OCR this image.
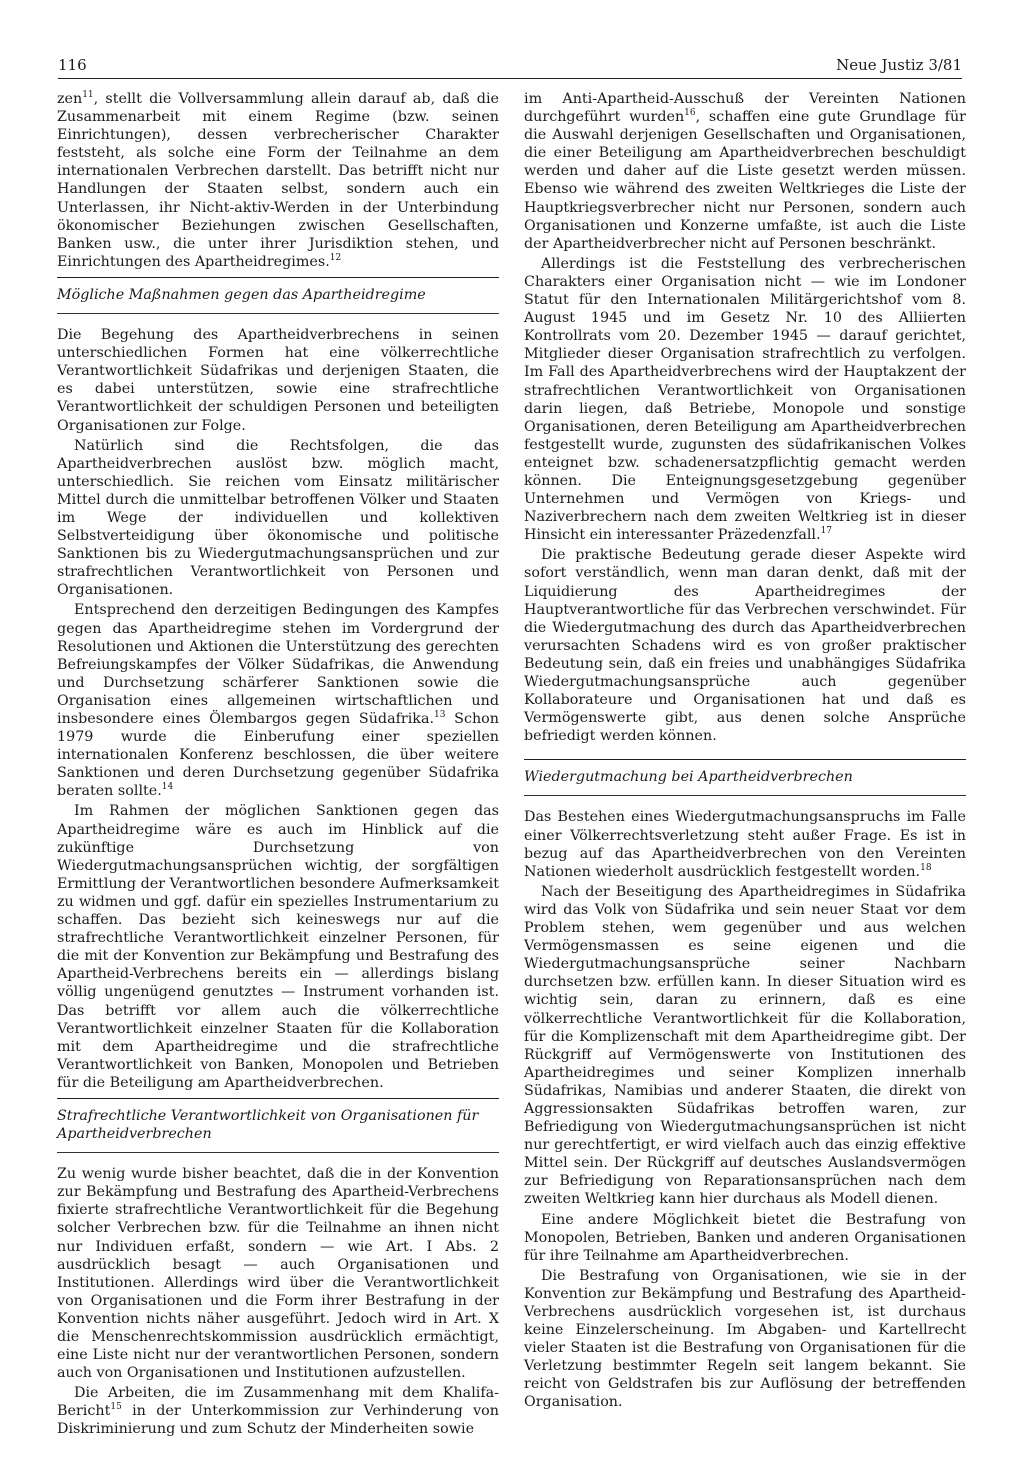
116	Neue Justiz 3/81

zen$^{11}$, stellt die Vollversammlung allein darauf ab, daß die Zusammenarbeit mit einem Regime (bzw. seinen Einrichtungen), dessen verbrecherischer Charakter feststeht, als solche eine Form der Teilnahme an dem internationalen Verbrechen darstellt. Das betrifft nicht nur Handlungen der Staaten selbst, sondern auch ein Unterlassen, ihr Nicht-aktiv-Werden in der Unterbindung ökonomischer Beziehungen zwischen Gesellschaften, Banken usw., die unter ihrer Jurisdiktion stehen, und Einrichtungen des Apartheidregimes.$^{12}$

Mögliche Maßnahmen gegen das Apartheidregime

Die Begehung des Apartheidverbrechens in seinen unterschiedlichen Formen hat eine völkerrechtliche Verantwortlichkeit Südafrikas und derjenigen Staaten, die es dabei unterstützen, sowie eine strafrechtliche Verantwortlichkeit der schuldigen Personen und beteiligten Organisationen zur Folge.

Natürlich sind die Rechtsfolgen, die das Apartheidverbrechen auslöst bzw. möglich macht, unterschiedlich. Sie reichen vom Einsatz militärischer Mittel durch die unmittelbar betroffenen Völker und Staaten im Wege der individuellen und kollektiven Selbstverteidigung über ökonomische und politische Sanktionen bis zu Wiedergutmachungsansprüchen und zur strafrechtlichen Verantwortlichkeit von Personen und Organisationen.

Entsprechend den derzeitigen Bedingungen des Kampfes gegen das Apartheidregime stehen im Vordergrund der Resolutionen und Aktionen die Unterstützung des gerechten Befreiungskampfes der Völker Südafrikas, die Anwendung und Durchsetzung schärferer Sanktionen sowie die Organisation eines allgemeinen wirtschaftlichen und insbesondere eines Ölembargos gegen Südafrika.$^{13}$ Schon 1979 wurde die Einberufung einer speziellen internationalen Konferenz beschlossen, die über weitere Sanktionen und deren Durchsetzung gegenüber Südafrika beraten sollte.$^{14}$

Im Rahmen der möglichen Sanktionen gegen das Apartheidregime wäre es auch im Hinblick auf die zukünftige Durchsetzung von Wiedergutmachungsansprüchen wichtig, der sorgfältigen Ermittlung der Verantwortlichen besondere Aufmerksamkeit zu widmen und ggf. dafür ein spezielles Instrumentarium zu schaffen. Das bezieht sich keineswegs nur auf die strafrechtliche Verantwortlichkeit einzelner Personen, für die mit der Konvention zur Bekämpfung und Bestrafung des Apartheid-Verbrechens bereits ein — allerdings bislang völlig ungenügend genutztes — Instrument vorhanden ist. Das betrifft vor allem auch die völkerrechtliche Verantwortlichkeit einzelner Staaten für die Kollaboration mit dem Apartheidregime und die strafrechtliche Verantwortlichkeit von Banken, Monopolen und Betrieben für die Beteiligung am Apartheidverbrechen.

Strafrechtliche Verantwortlichkeit von Organisationen für Apartheidverbrechen

Zu wenig wurde bisher beachtet, daß die in der Konvention zur Bekämpfung und Bestrafung des Apartheid-Verbrechens fixierte strafrechtliche Verantwortlichkeit für die Begehung solcher Verbrechen bzw. für die Teilnahme an ihnen nicht nur Individuen erfaßt, sondern — wie Art. I Abs. 2 ausdrücklich besagt — auch Organisationen und Institutionen. Allerdings wird über die Verantwortlichkeit von Organisationen und die Form ihrer Bestrafung in der Konvention nichts näher ausgeführt. Jedoch wird in Art. X die Menschenrechtskommission ausdrücklich ermächtigt, eine Liste nicht nur der verantwortlichen Personen, sondern auch von Organisationen und Institutionen aufzustellen.

Die Arbeiten, die im Zusammenhang mit dem Khalifa-Bericht$^{15}$ in der Unterkommission zur Verhinderung von Diskriminierung und zum Schutz der Minderheiten sowie

im Anti-Apartheid-Ausschuß der Vereinten Nationen durchgeführt wurden$^{16}$, schaffen eine gute Grundlage für die Auswahl derjenigen Gesellschaften und Organisationen, die einer Beteiligung am Apartheidverbrechen beschuldigt werden und daher auf die Liste gesetzt werden müssen. Ebenso wie während des zweiten Weltkrieges die Liste der Hauptkriegsverbrecher nicht nur Personen, sondern auch Organisationen und Konzerne umfaßte, ist auch die Liste der Apartheidverbrecher nicht auf Personen beschränkt.

Allerdings ist die Feststellung des verbrecherischen Charakters einer Organisation nicht — wie im Londoner Statut für den Internationalen Militärgerichtshof vom 8. August 1945 und im Gesetz Nr. 10 des Alliierten Kontrollrats vom 20. Dezember 1945 — darauf gerichtet, Mitglieder dieser Organisation strafrechtlich zu verfolgen. Im Fall des Apartheidverbrechens wird der Hauptakzent der strafrechtlichen Verantwortlichkeit von Organisationen darin liegen, daß Betriebe, Monopole und sonstige Organisationen, deren Beteiligung am Apartheidverbrechen festgestellt wurde, zugunsten des südafrikanischen Volkes enteignet bzw. schadenersatzpflichtig gemacht werden können. Die Enteignungsgesetzgebung gegenüber Unternehmen und Vermögen von Kriegs- und Naziverbrechern nach dem zweiten Weltkrieg ist in dieser Hinsicht ein interessanter Präzedenzfall.$^{17}$

Die praktische Bedeutung gerade dieser Aspekte wird sofort verständlich, wenn man daran denkt, daß mit der Liquidierung des Apartheidregimes der Hauptverantwortliche für das Verbrechen verschwindet. Für die Wiedergutmachung des durch das Apartheidverbrechen verursachten Schadens wird es von großer praktischer Bedeutung sein, daß ein freies und unabhängiges Südafrika Wiedergutmachungsansprüche auch gegenüber Kollaborateure und Organisationen hat und daß es Vermögenswerte gibt, aus denen solche Ansprüche befriedigt werden können.

Wiedergutmachung bei Apartheidverbrechen

Das Bestehen eines Wiedergutmachungsanspruchs im Falle einer Völkerrechtsverletzung steht außer Frage. Es ist in bezug auf das Apartheidverbrechen von den Vereinten Nationen wiederholt ausdrücklich festgestellt worden.$^{18}$

Nach der Beseitigung des Apartheidregimes in Südafrika wird das Volk von Südafrika und sein neuer Staat vor dem Problem stehen, wem gegenüber und aus welchen Vermögensmassen es seine eigenen und die Wiedergutmachungsansprüche seiner Nachbarn durchsetzen bzw. erfüllen kann. In dieser Situation wird es wichtig sein, daran zu erinnern, daß es eine völkerrechtliche Verantwortlichkeit für die Kollaboration, für die Komplizenschaft mit dem Apartheidregime gibt. Der Rückgriff auf Vermögenswerte von Institutionen des Apartheidregimes und seiner Komplizen innerhalb Südafrikas, Namibias und anderer Staaten, die direkt von Aggressionsakten Südafrikas betroffen waren, zur Befriedigung von Wiedergutmachungsansprüchen ist nicht nur gerechtfertigt, er wird vielfach auch das einzig effektive Mittel sein. Der Rückgriff auf deutsches Auslandsvermögen zur Befriedigung von Reparationsansprüchen nach dem zweiten Weltkrieg kann hier durchaus als Modell dienen.

Eine andere Möglichkeit bietet die Bestrafung von Monopolen, Betrieben, Banken und anderen Organisationen für ihre Teilnahme am Apartheidverbrechen.

Die Bestrafung von Organisationen, wie sie in der Konvention zur Bekämpfung und Bestrafung des Apartheid-Verbrechens ausdrücklich vorgesehen ist, ist durchaus keine Einzelerscheinung. Im Abgaben- und Kartellrecht vieler Staaten ist die Bestrafung von Organisationen für die Verletzung bestimmter Regeln seit langem bekannt. Sie reicht von Geldstrafen bis zur Auflösung der betreffenden Organisation.
